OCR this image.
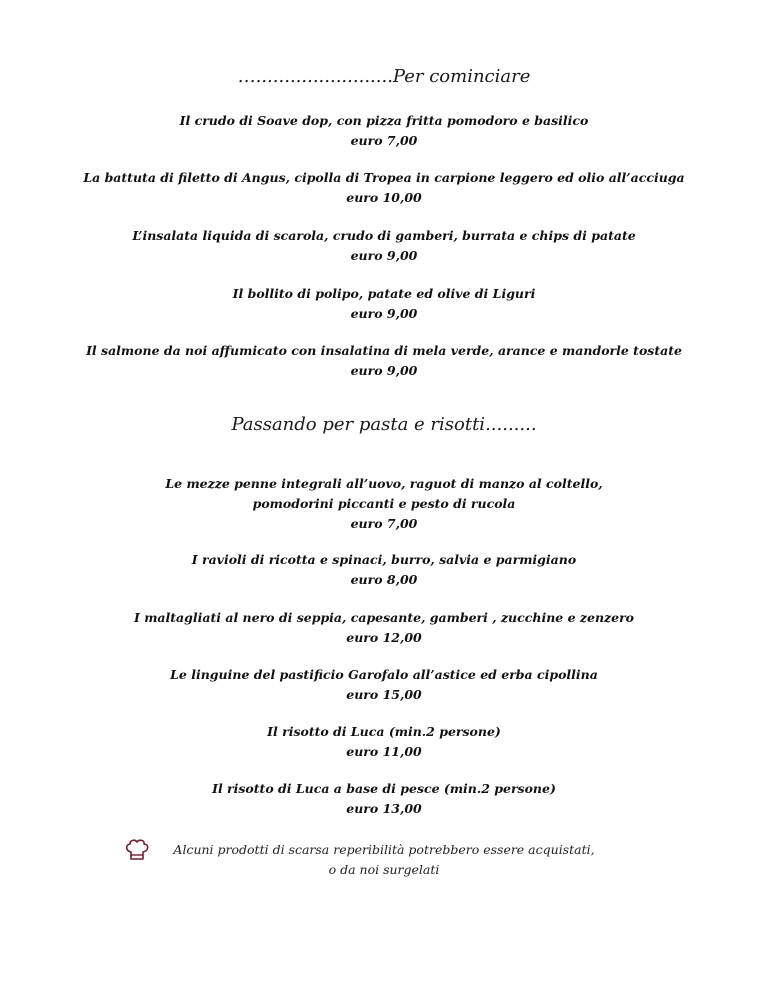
…........................Per cominciare
Il crudo di Soave dop, con pizza fritta pomodoro e basilico
euro 7,00
La battuta di filetto di Angus, cipolla di Tropea in carpione leggero ed olio all’acciuga
euro 10,00
L’insalata liquida di scarola, crudo di gamberi, burrata e chips di patate
euro 9,00
Il bollito di polipo, patate ed olive di Liguri
euro 9,00
Il salmone da noi affumicato con insalatina di mela verde, arance e mandorle tostate
euro 9,00
Passando per pasta e risotti.........
Le mezze penne integrali all’uovo, raguot di manzo al coltello,
pomodorini piccanti e pesto di rucola
euro 7,00
I ravioli di ricotta e spinaci, burro, salvia e parmigiano
euro 8,00
I maltagliati al nero di seppia, capesante, gamberi , zucchine e zenzero
euro 12,00
Le linguine del pastificio Garofalo all’astice ed erba cipollina
euro 15,00
Il risotto di Luca (min.2 persone)
euro 11,00
Il risotto di Luca a base di pesce (min.2 persone)
euro 13,00
Alcuni prodotti di scarsa reperibilità potrebbero essere acquistati,
o da noi surgelati
